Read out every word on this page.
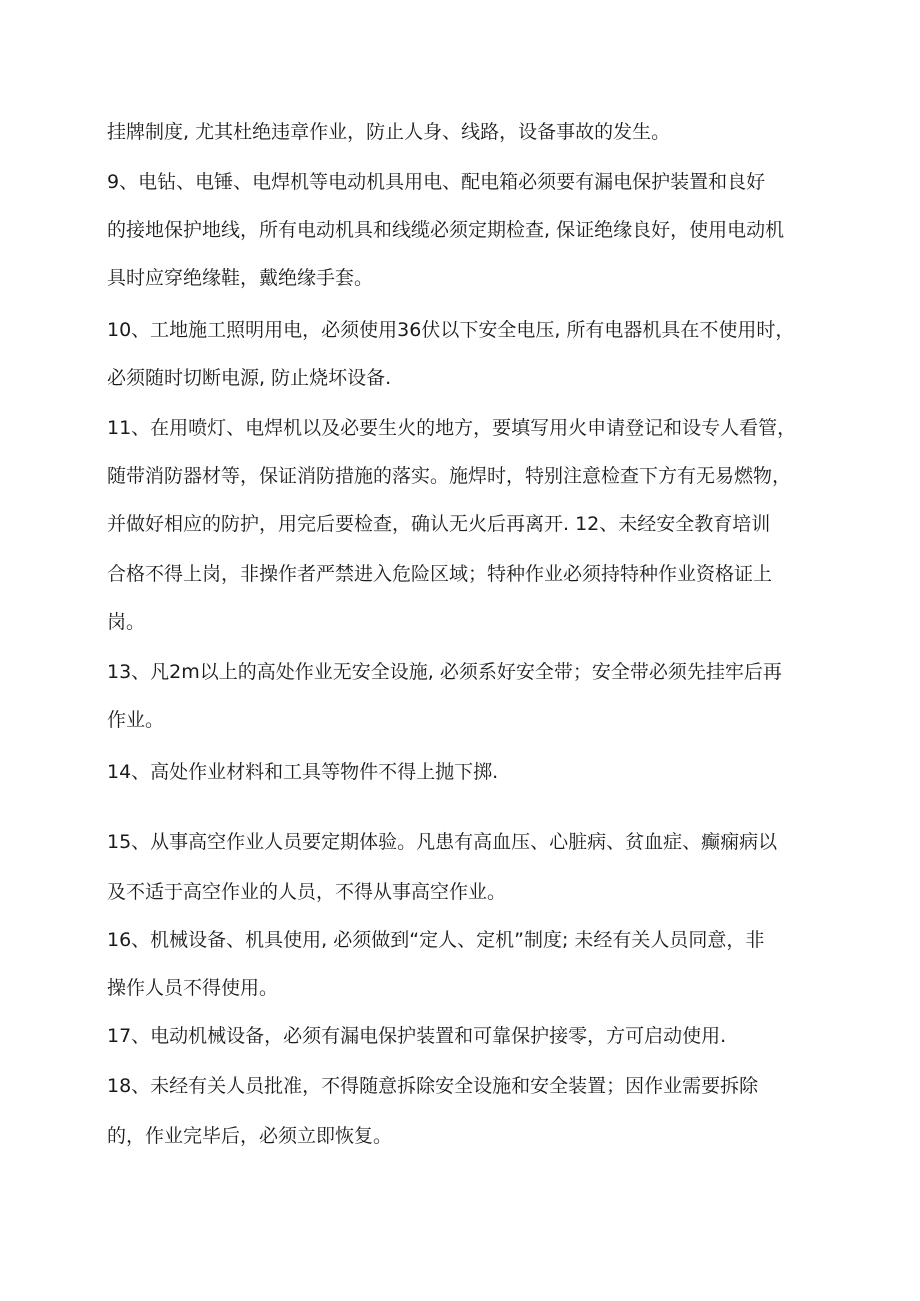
挂牌制度, 尤其杜绝违章作业，防止人身、线路，设备事故的发生。

9、电钻、电锤、电焊机等电动机具用电、配电箱必须要有漏电保护装置和良好

的接地保护地线，所有电动机具和线缆必须定期检查, 保证绝缘良好，使用电动机

具时应穿绝缘鞋，戴绝缘手套。

10、工地施工照明用电，必须使用36伏以下安全电压, 所有电器机具在不使用时，

必须随时切断电源, 防止烧坏设备.

11、在用喷灯、电焊机以及必要生火的地方，要填写用火申请登记和设专人看管，

随带消防器材等，保证消防措施的落实。施焊时，特别注意检查下方有无易燃物，

并做好相应的防护，用完后要检查，确认无火后再离开. 12、未经安全教育培训

合格不得上岗，非操作者严禁进入危险区域；特种作业必须持特种作业资格证上

岗。

13、凡2m以上的高处作业无安全设施, 必须系好安全带；安全带必须先挂牢后再

作业。

14、高处作业材料和工具等物件不得上抛下掷.

15、从事高空作业人员要定期体验。凡患有高血压、心脏病、贫血症、癫痫病以

及不适于高空作业的人员，不得从事高空作业。

16、机械设备、机具使用, 必须做到“定人、定机”制度; 未经有关人员同意，非

操作人员不得使用。

17、电动机械设备，必须有漏电保护装置和可靠保护接零，方可启动使用.

18、未经有关人员批准，不得随意拆除安全设施和安全装置；因作业需要拆除

的，作业完毕后，必须立即恢复。
